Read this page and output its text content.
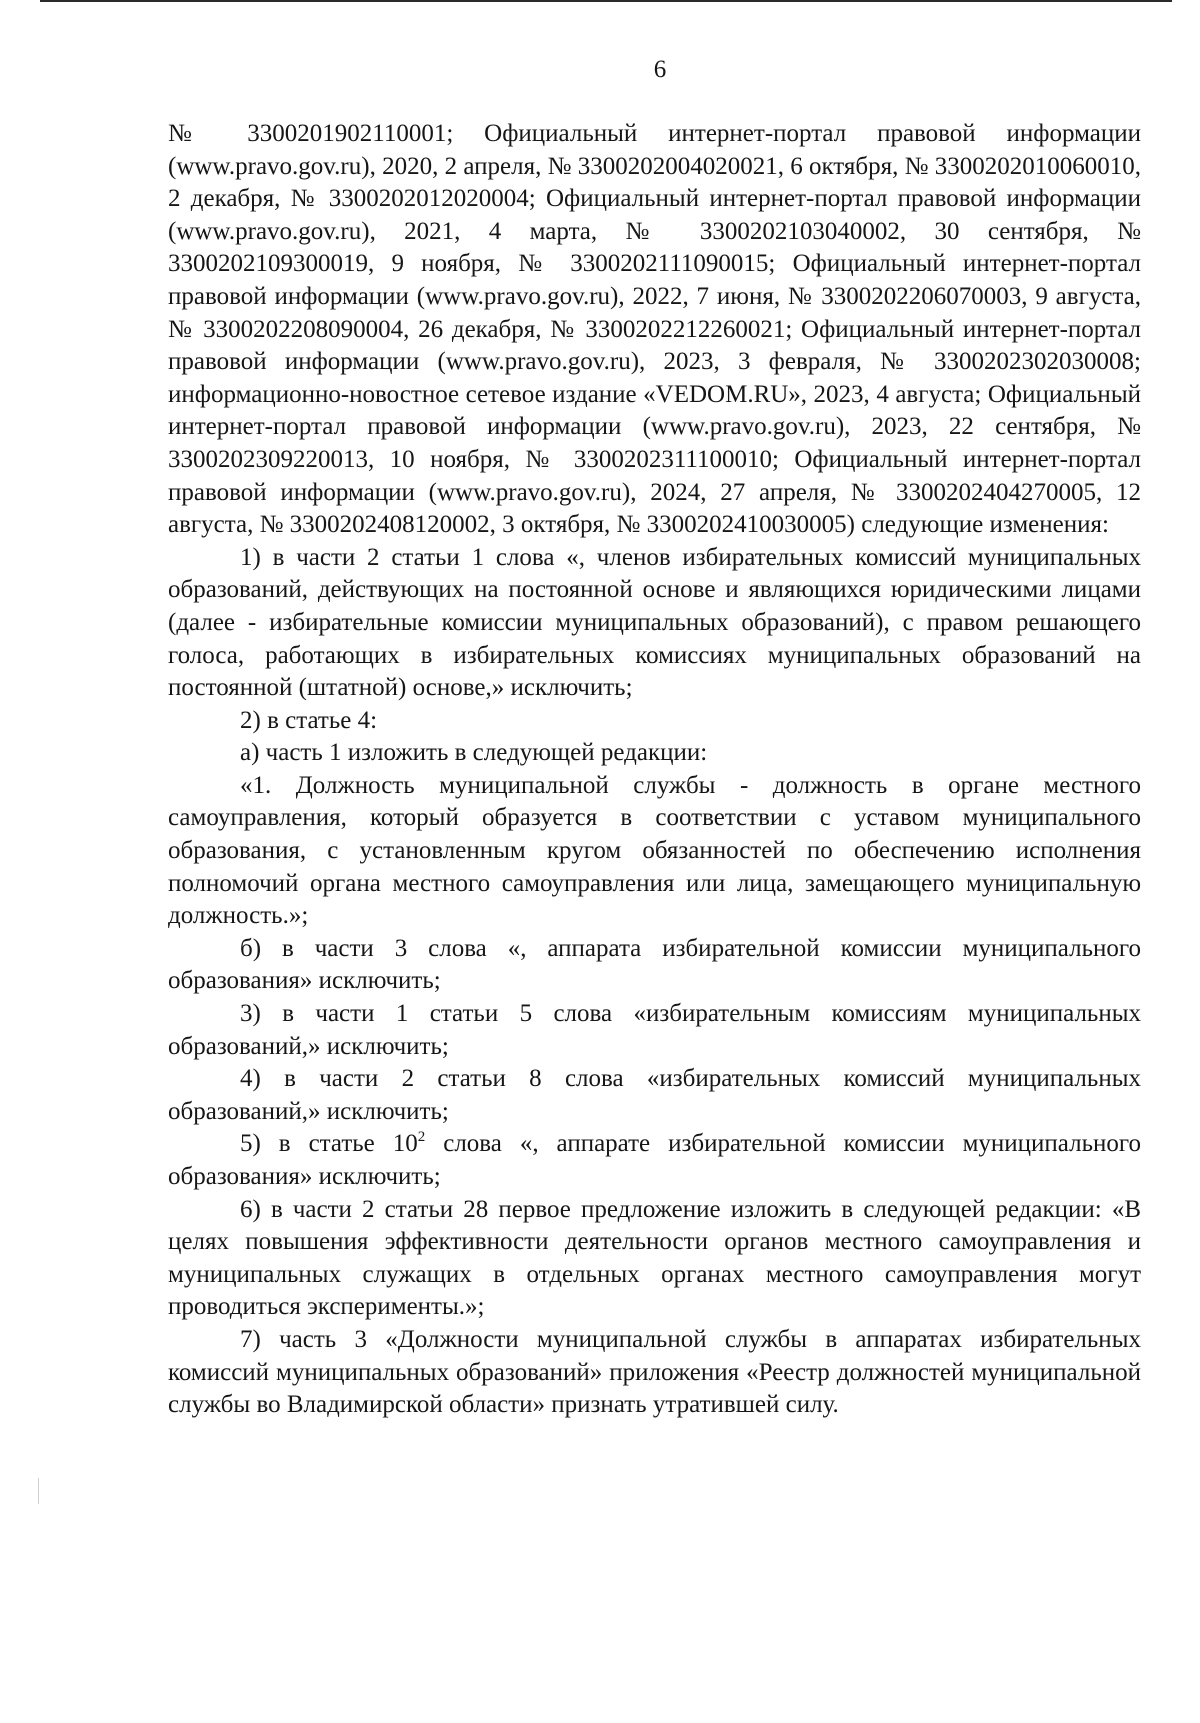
6

№ 3300201902110001; Официальный интернет-портал правовой информации (www.pravo.gov.ru), 2020, 2 апреля, № 3300202004020021, 6 октября, № 3300202010060010, 2 декабря, № 3300202012020004; Официальный интернет-портал правовой информации (www.pravo.gov.ru), 2021, 4 марта, № 3300202103040002, 30 сентября, № 3300202109300019, 9 ноября, № 3300202111090015; Официальный интернет-портал правовой информации (www.pravo.gov.ru), 2022, 7 июня, № 3300202206070003, 9 августа, № 3300202208090004, 26 декабря, № 3300202212260021; Официальный интернет-портал правовой информации (www.pravo.gov.ru), 2023, 3 февраля, № 3300202302030008; информационно-новостное сетевое издание «VEDOM.RU», 2023, 4 августа; Официальный интернет-портал правовой информации (www.pravo.gov.ru), 2023, 22 сентября, № 3300202309220013, 10 ноября, № 3300202311100010; Официальный интернет-портал правовой информации (www.pravo.gov.ru), 2024, 27 апреля, № 3300202404270005, 12 августа, № 3300202408120002, 3 октября, № 3300202410030005) следующие изменения:

1) в части 2 статьи 1 слова «, членов избирательных комиссий муниципальных образований, действующих на постоянной основе и являющихся юридическими лицами (далее - избирательные комиссии муниципальных образований), с правом решающего голоса, работающих в избирательных комиссиях муниципальных образований на постоянной (штатной) основе,» исключить;

2) в статье 4:

а) часть 1 изложить в следующей редакции:

«1. Должность муниципальной службы - должность в органе местного самоуправления, который образуется в соответствии с уставом муниципального образования, с установленным кругом обязанностей по обеспечению исполнения полномочий органа местного самоуправления или лица, замещающего муниципальную должность.»;

б) в части 3 слова «, аппарата избирательной комиссии муниципального образования» исключить;

3) в части 1 статьи 5 слова «избирательным комиссиям муниципальных образований,» исключить;

4) в части 2 статьи 8 слова «избирательных комиссий муниципальных образований,» исключить;

5) в статье $10^2$ слова «, аппарате избирательной комиссии муниципального образования» исключить;

6) в части 2 статьи 28 первое предложение изложить в следующей редакции: «В целях повышения эффективности деятельности органов местного самоуправления и муниципальных служащих в отдельных органах местного самоуправления могут проводиться эксперименты.»;

7) часть 3 «Должности муниципальной службы в аппаратах избирательных комиссий муниципальных образований» приложения «Реестр должностей муниципальной службы во Владимирской области» признать утратившей силу.
